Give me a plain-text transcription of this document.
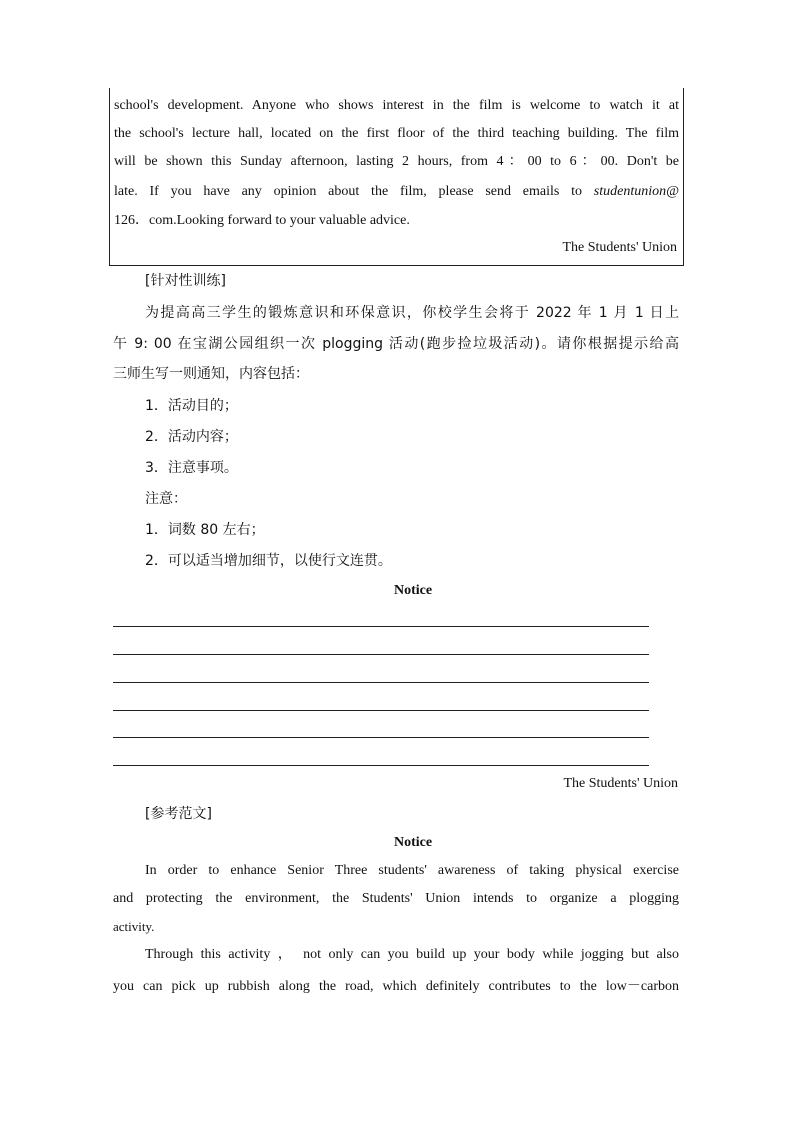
school's development. Anyone who shows interest in the film is welcome to watch it at
the school's lecture hall, located on the first floor of the third teaching building. The film
will be shown this Sunday afternoon, lasting 2 hours, from 4：00 to 6：00. Don't be
late. If you have any opinion about the film, please send emails to studentunion@
126．com.Looking forward to your valuable advice.
The Students' Union
[针对性训练]
为提高高三学生的锻炼意识和环保意识，你校学生会将于 2022 年 1 月 1 日上
午 9: 00 在宝湖公园组织一次 plogging 活动(跑步捡垃圾活动)。请你根据提示给高
三师生写一则通知，内容包括：
1．活动目的；
2．活动内容；
3．注意事项。
注意：
1．词数 80 左右；
2．可以适当增加细节，以使行文连贯。
Notice
The Students' Union
[参考范文]
Notice
In order to enhance Senior Three students' awareness of taking physical exercise
and protecting the environment, the Students' Union intends to organize a plogging
activity.
Through this activity ， not only can you build up your body while jogging but also
you can pick up rubbish along the road, which definitely contributes to the low－carbon
